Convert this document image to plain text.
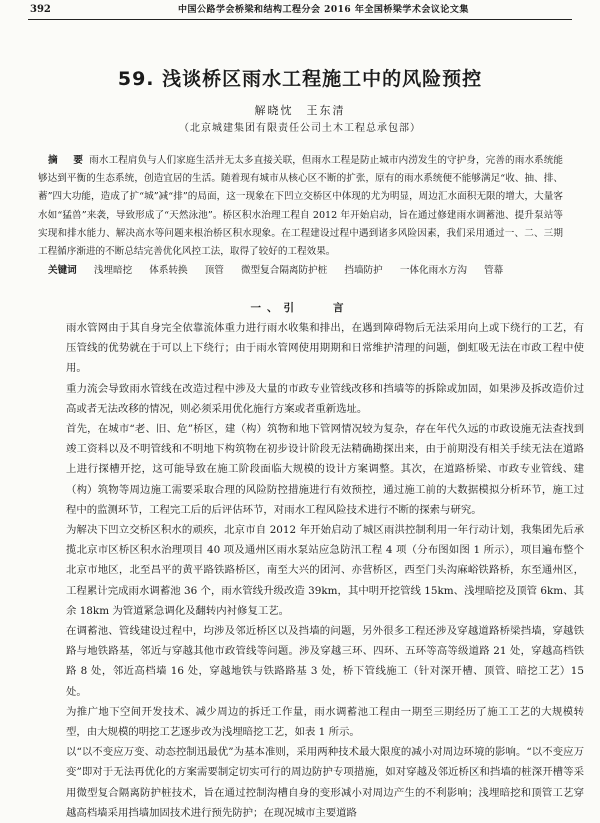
392	中国公路学会桥梁和结构工程分会 2016 年全国桥梁学术会议论文集
59. 浅谈桥区雨水工程施工中的风险预控
解晓忱　王东清
（北京城建集团有限责任公司土木工程总承包部）
摘　要 雨水工程肩负与人们家庭生活并无太多直接关联，但雨水工程是防止城市内涝发生的守护身，完善的雨水系统能够达到平衡的生态系统，创造宜居的生活。随着现有城市从核心区不断的扩张，原有的雨水系统便不能够满足“收、抽、排、蓄”四大功能，造成了扩“城”减“排”的局面，这一现象在下凹立交桥区中体现的尤为明显，周边汇水面积无限的增大，大量客水如“猛兽”来袭，导致形成了“天然泳池”。桥区积水治理工程自 2012 年开始启动，旨在通过修建雨水调蓄池、提升泵站等实现和排水能力、解决高水等问题来根治桥区积水现象。在工程建设过程中遇到诸多风险因素，我们采用通过一、二、三期工程循序渐进的不断总结完善优化风控工法，取得了较好的工程效果。
关键词 浅埋暗挖 体系转换 顶管 微型复合隔离防护桩 挡墙防护 一体化雨水方沟 管幕
一、引　　言

雨水管网由于其自身完全依靠流体重力进行雨水收集和排出，在遇到障碍物后无法采用向上或下绕行的工艺，有压管线的优势就在于可以上下绕行；由于雨水管网使用期期和日常维护清理的问题，倒虹吸无法在市政工程中使用。

重力流会导致雨水管线在改造过程中涉及大量的市政专业管线改移和挡墙等的拆除或加固，如果涉及拆改造价过高或者无法改移的情况，则必须采用优化施行方案或者重新选址。

首先，在城市“老、旧、危”桥区，建（构）筑物和地下管网情况较为复杂，存在年代久远的市政设施无法查找到竣工资料以及不明管线和不明地下构筑物在初步设计阶段无法精确勘探出来，由于前期没有相关手续无法在道路上进行探槽开挖，这可能导致在施工阶段面临大规模的设计方案调整。其次，在道路桥梁、市政专业管线、建（构）筑物等周边施工需要采取合理的风险防控措施进行有效预控，通过施工前的大数据模拟分析环节，施工过程中的监测环节，工程完工后的后评估环节，对雨水工程风险技术进行不断的探索与研究。

为解决下凹立交桥区积水的顽疾，北京市自 2012 年开始启动了城区雨洪控制利用一年行动计划，我集团先后承揽北京市区桥区积水治理项目 40 项及通州区雨水泵站应急防汛工程 4 项（分布图如图 1 所示），项目遍布整个北京市地区，北至昌平的黄平路铁路桥区，南至大兴的团河、亦营桥区，西至门头沟麻峪铁路桥，东至通州区，工程累计完成雨水调蓄池 36 个，雨水管线升级改造 39km，其中明开挖管线 15km、浅埋暗挖及顶管 6km、其余 18km 为管道紧急调化及翻转内衬修复工艺。

在调蓄池、管线建设过程中，均涉及邻近桥区以及挡墙的问题，另外很多工程还涉及穿越道路桥梁挡墙，穿越铁路与地铁路基，邻近与穿越其他市政管线等问题。涉及穿越三环、四环、五环等高等级道路 21 处，穿越高档铁路 8 处，邻近高档墙 16 处，穿越地铁与铁路路基 3 处，桥下管线施工（针对深开槽、顶管、暗挖工艺）15 处。

为推广地下空间开发技术、减少周边的拆迁工作量，雨水调蓄池工程由一期至三期经历了施工工艺的大规模转型，由大规模的明挖工艺逐步改为浅埋暗挖工艺，如表 1 所示。

以“以不变应万变、动态控制迅最优”为基本准则，采用两种技术最大限度的减小对周边环境的影响。“以不变应万变”即对于无法再优化的方案需要制定切实可行的周边防护专项措施，如对穿越及邻近桥区和挡墙的桩深开槽等采用微型复合隔离防护桩技术，旨在通过控制沟槽自身的变形减小对周边产生的不利影响；浅埋暗挖和顶管工艺穿越高档墙采用挡墙加固技术进行预先防护；在现况城市主要道路
